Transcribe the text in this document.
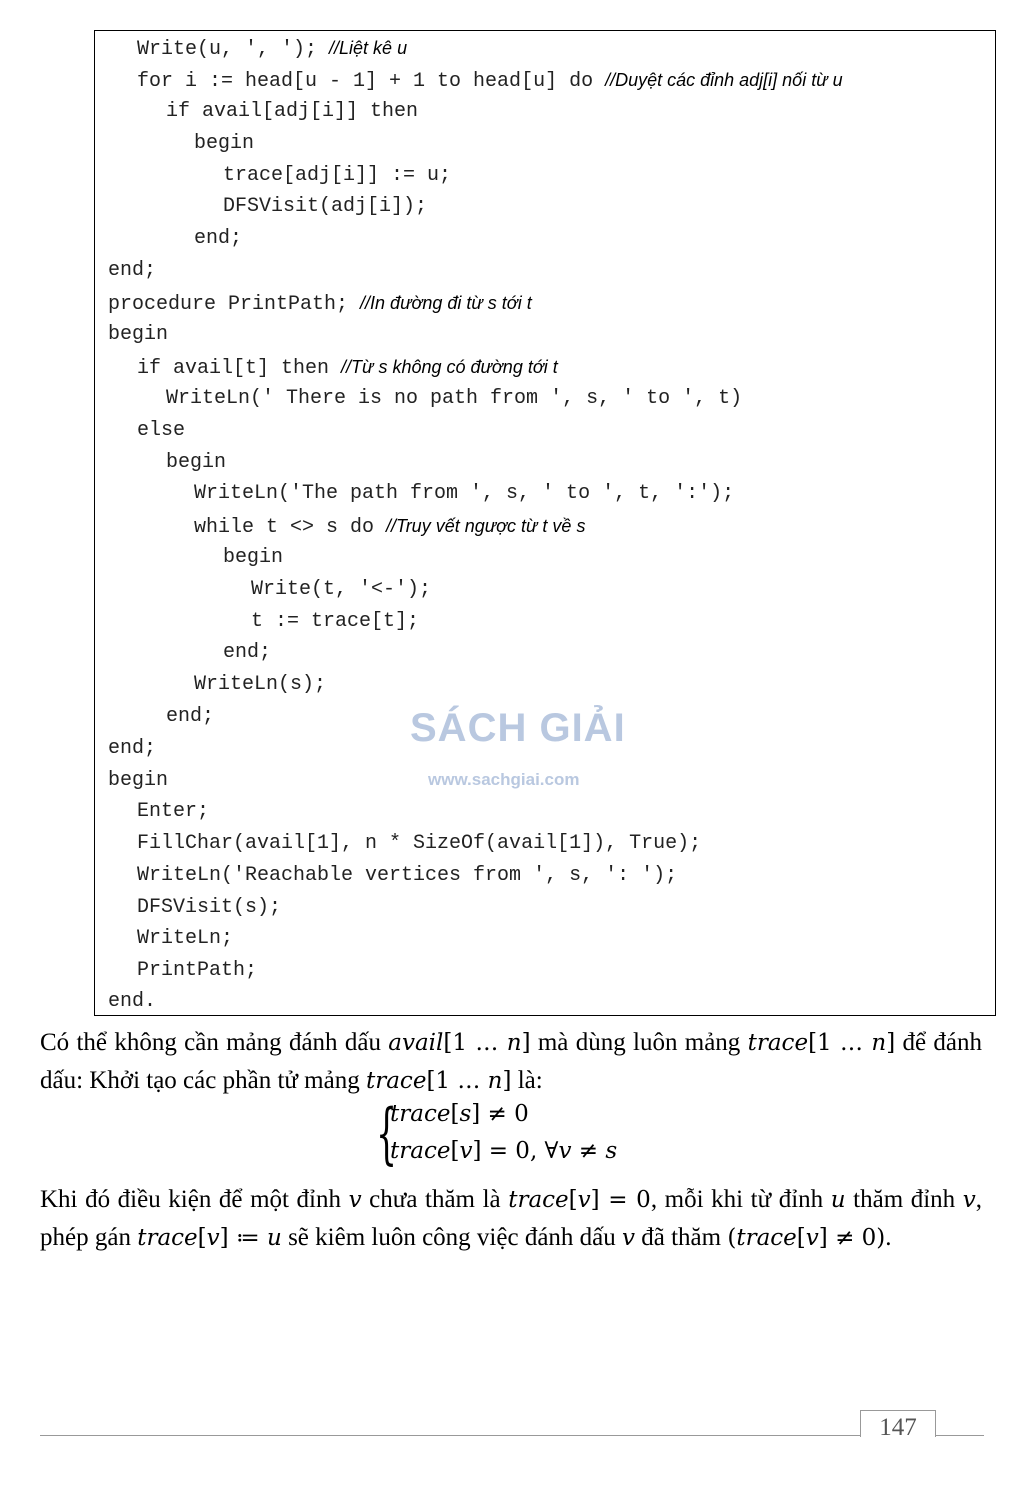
Write(u, ', '); //Liệt kê u
for i := head[u - 1] + 1 to head[u] do //Duyệt các đỉnh adj[i] nối từ u
if avail[adj[i]] then
begin
trace[adj[i]] := u;
DFSVisit(adj[i]);
end;
end;
procedure PrintPath; //In đường đi từ s tới t
begin
if avail[t] then //Từ s không có đường tới t
WriteLn(' There is no path from ', s, ' to ', t)
else
begin
WriteLn('The path from ', s, ' to ', t, ':');
while t <> s do //Truy vết ngược từ t về s
begin
Write(t, '<-');
t := trace[t];
end;
WriteLn(s);
end;
end;
begin
Enter;
FillChar(avail[1], n * SizeOf(avail[1]), True);
WriteLn('Reachable vertices from ', s, ': ');
DFSVisit(s);
WriteLn;
PrintPath;
end.
SÁCH GIẢI
www.sachgiai.com
Có thể không cần mảng đánh dấu avail[1 … n] mà dùng luôn mảng trace[1 … n] để đánh dấu: Khởi tạo các phần tử mảng trace[1 … n] là:
{
trace[s] ≠ 0
trace[v] = 0, ∀v ≠ s
Khi đó điều kiện để một đỉnh v chưa thăm là trace[v] = 0, mỗi khi từ đỉnh u thăm đỉnh v, phép gán trace[v] ≔ u sẽ kiêm luôn công việc đánh dấu v đã thăm (trace[v] ≠ 0).
147
